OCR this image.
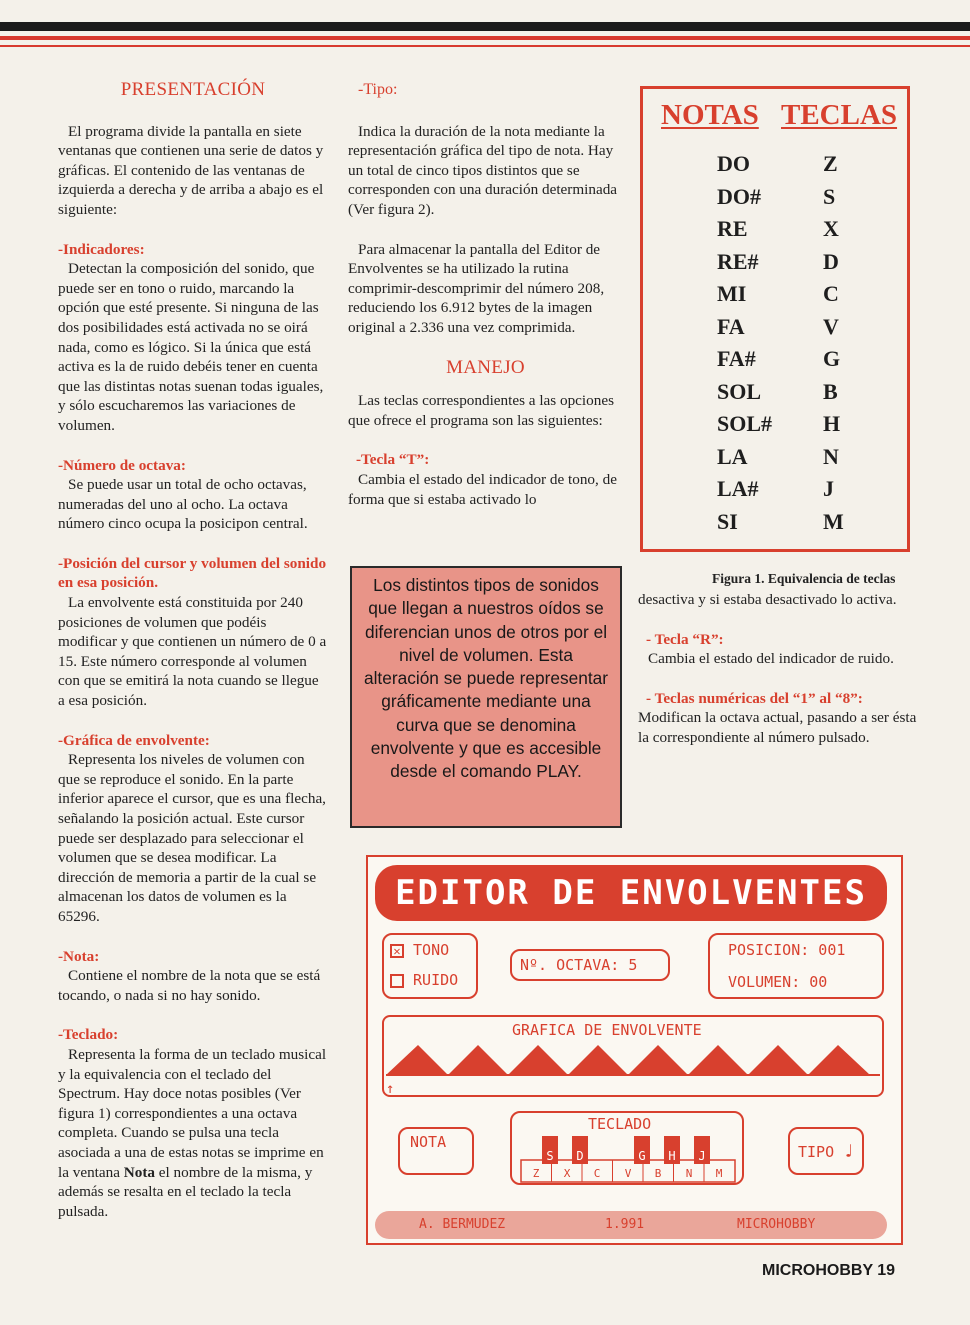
PRESENTACIÓN

El programa divide la pantalla en siete ventanas que contienen una serie de datos y gráficas. El contenido de las ventanas de izquierda a derecha y de arriba a abajo es el siguiente:

-Indicadores:

Detectan la composición del sonido, que puede ser en tono o ruido, marcando la opción que esté presente. Si ninguna de las dos posibilidades está activada no se oirá nada, como es lógico. Si la única que está activa es la de ruido debéis tener en cuenta que las distintas notas suenan todas iguales, y sólo escucharemos las variaciones de volumen.

-Número de octava:

Se puede usar un total de ocho octavas, numeradas del uno al ocho. La octava número cinco ocupa la posicipon central.

-Posición del cursor y volumen del sonido en esa posición.

La envolvente está constituida por 240 posiciones de volumen que podéis modificar y que contienen un número de 0 a 15. Este número corresponde al volumen con que se emitirá la nota cuando se llegue a esa posición.

-Gráfica de envolvente:

Representa los niveles de volumen con que se reproduce el sonido. En la parte inferior aparece el cursor, que es una flecha, señalando la posición actual. Este cursor puede ser desplazado para seleccionar el volumen que se desea modificar. La dirección de memoria a partir de la cual se almacenan los datos de volumen es la 65296.

-Nota:

Contiene el nombre de la nota que se está tocando, o nada si no hay sonido.

-Teclado:

Representa la forma de un teclado musical y la equivalencia con el teclado del Spectrum. Hay doce notas posibles (Ver figura 1) correspondientes a una octava completa. Cuando se pulsa una tecla asociada a una de estas notas se imprime en la ventana Nota el nombre de la misma, y además se resalta en el teclado la tecla pulsada.

-Tipo:

Indica la duración de la nota mediante la representación gráfica del tipo de nota. Hay un total de cinco tipos distintos que se corresponden con una duración determinada (Ver figura 2).

Para almacenar la pantalla del Editor de Envolventes se ha utilizado la rutina comprimir-descomprimir del número 208, reduciendo los 6.912 bytes de la imagen original a 2.336 una vez comprimida.

MANEJO

Las teclas correspondientes a las opciones que ofrece el programa son las siguientes:

-Tecla “T”:

Cambia el estado del indicador de tono, de forma que si estaba activado lo

NOTAS TECLAS
DO	Z
DO#	S
RE	X
RE#	D
MI	C
FA	V
FA#	G
SOL	B
SOL# H
LA	N
LA#	J
SI	M
Figura 1. Equivalencia de teclas

desactiva y si estaba desactivado lo activa.

- Tecla “R”:

Cambia el estado del indicador de ruido.

- Teclas numéricas del “1” al “8”:

Modifican la octava actual, pasando a ser ésta la correspondiente al número pulsado.

Los distintos tipos de sonidos que llegan a nuestros oídos se diferencian unos de otros por el nivel de volumen. Esta alteración se puede representar gráficamente mediante una curva que se denomina envolvente y que es accesible desde el comando PLAY.
EDITOR DE ENVOLVENTES
✕ TONO
RUIDO
Nº. OCTAVA: 5
POSICION: 001
VOLUMEN: 00
GRAFICA DE ENVOLVENTE
↑
NOTA
TECLADO
S	D	G	H	J
Z	X	C	V	B	N	M
TIPO ♩
A. BERMUDEZ	1.991	MICROHOBBY
MICROHOBBY 19
